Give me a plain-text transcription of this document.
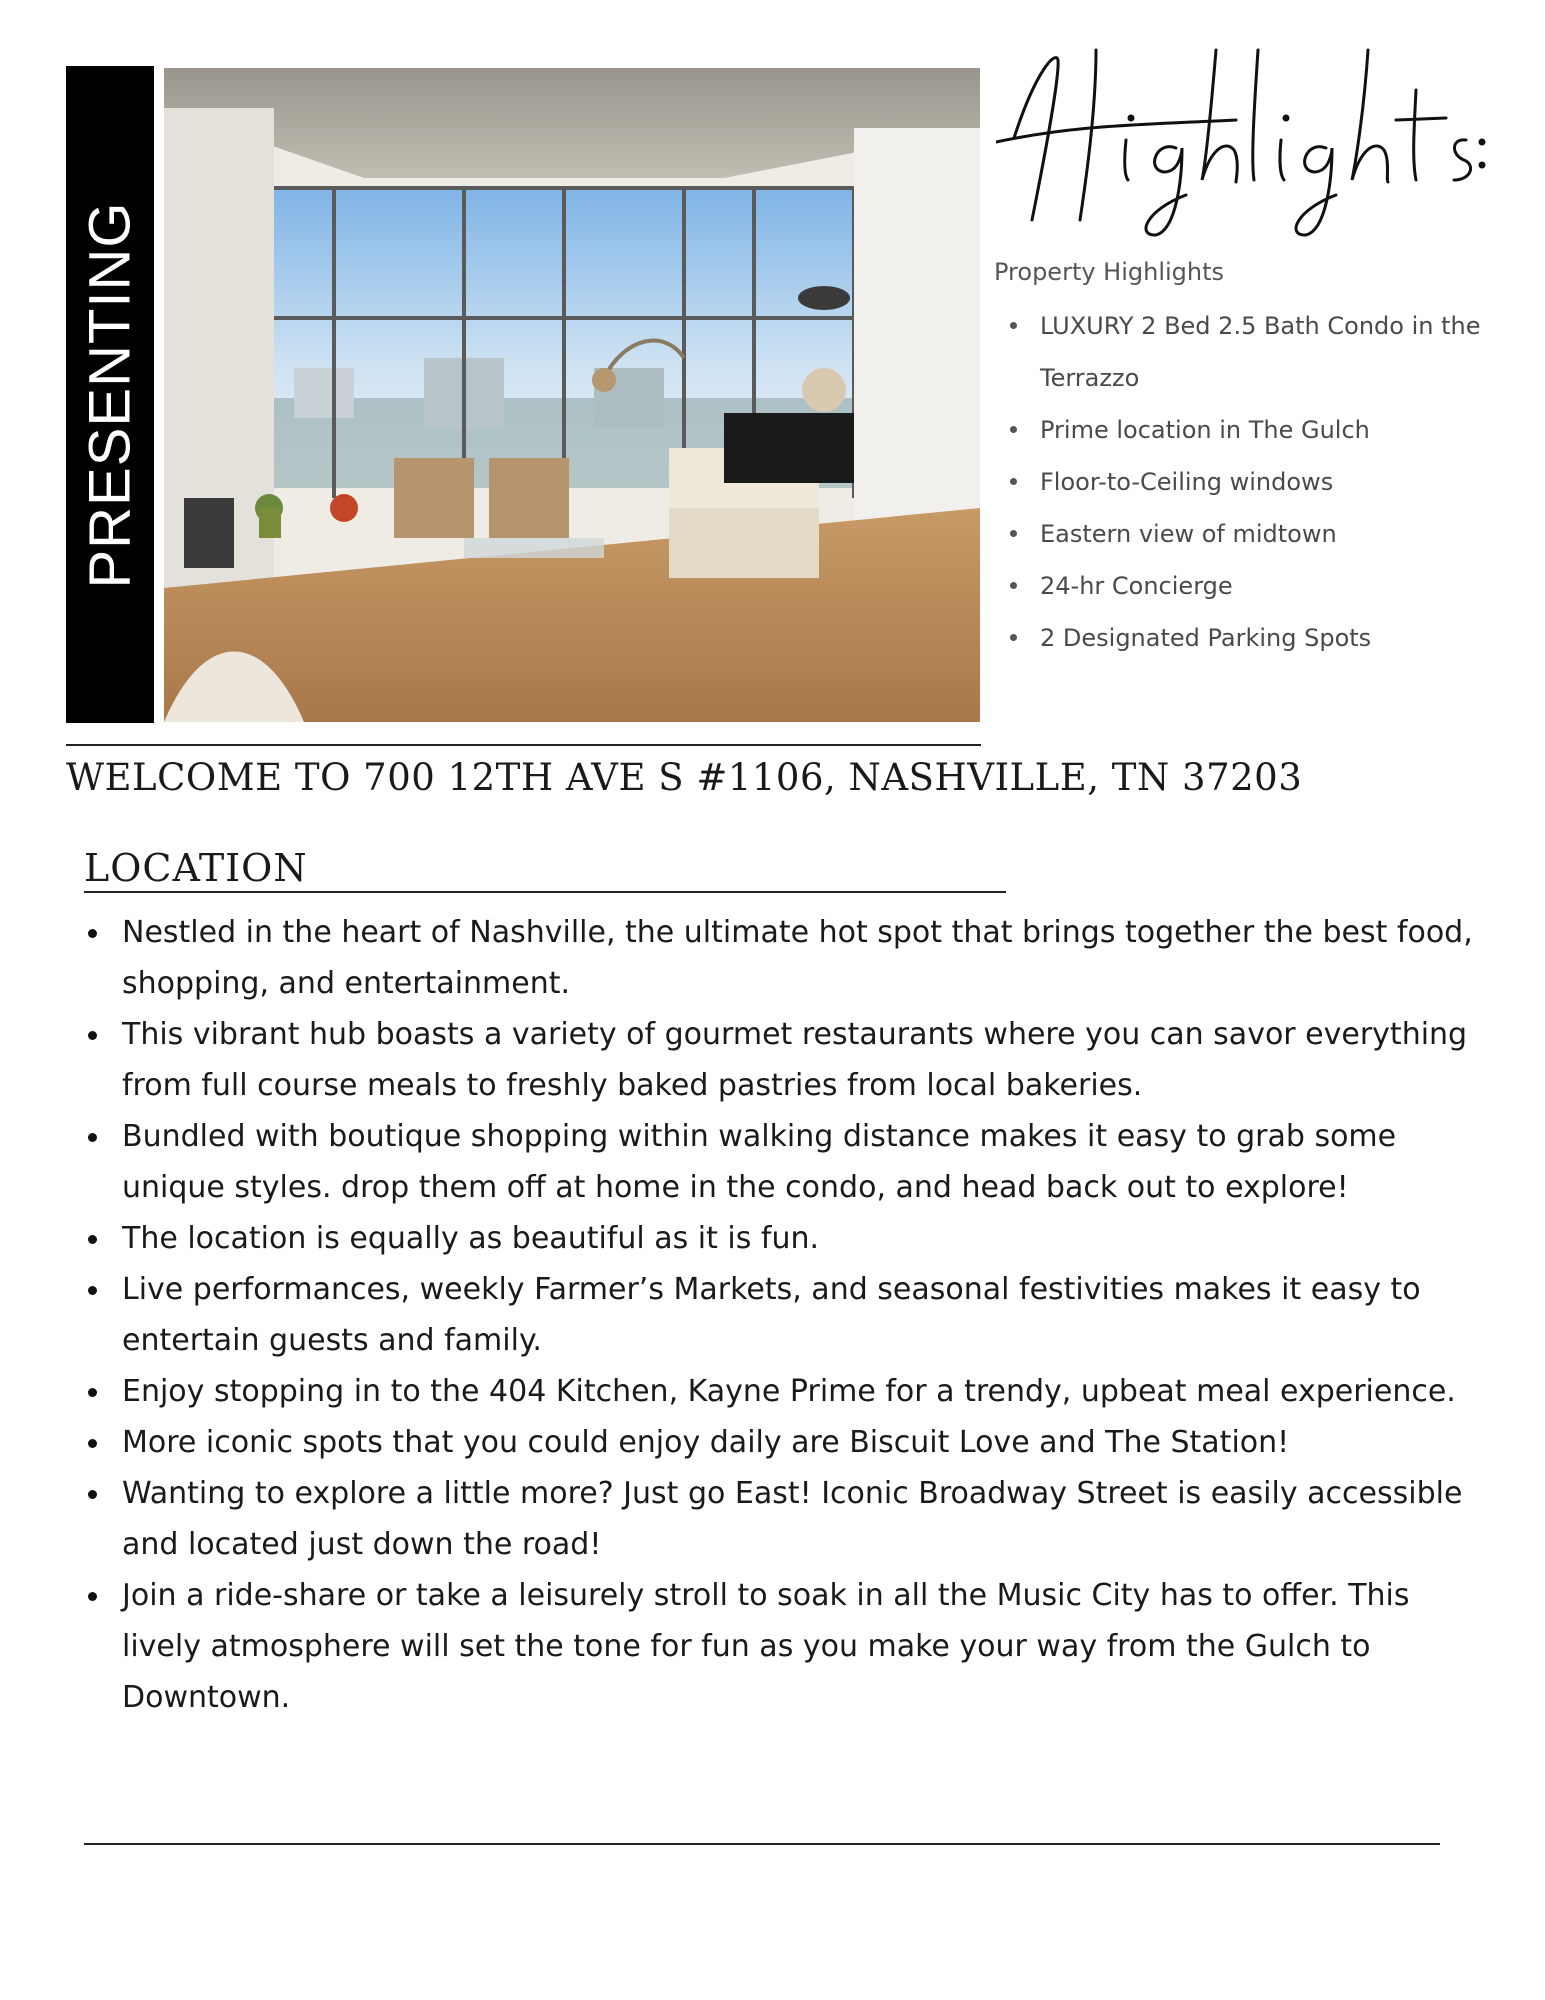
PRESENTING	Property Highlights
LUXURY 2 Bed 2.5 Bath Condo in the Terrazzo
Prime location in The Gulch
Floor-to-Ceiling windows
Eastern view of midtown
24-hr Concierge
2 Designated Parking Spots
WELCOME TO 700 12TH AVE S #1106, NASHVILLE, TN 37203
LOCATION
Nestled in the heart of Nashville, the ultimate hot spot that brings together the best food, shopping, and entertainment.
This vibrant hub boasts a variety of gourmet restaurants where you can savor everything from full course meals to freshly baked pastries from local bakeries.
Bundled with boutique shopping within walking distance makes it easy to grab some unique styles. drop them off at home in the condo, and head back out to explore!
The location is equally as beautiful as it is fun.
Live performances, weekly Farmer’s Markets, and seasonal festivities makes it easy to entertain guests and family.
Enjoy stopping in to the 404 Kitchen, Kayne Prime for a trendy, upbeat meal experience.
More iconic spots that you could enjoy daily are Biscuit Love and The Station!
Wanting to explore a little more? Just go East! Iconic Broadway Street is easily accessible and located just down the road!
Join a ride-share or take a leisurely stroll to soak in all the Music City has to offer. This lively atmosphere will set the tone for fun as you make your way from the Gulch to Downtown.
